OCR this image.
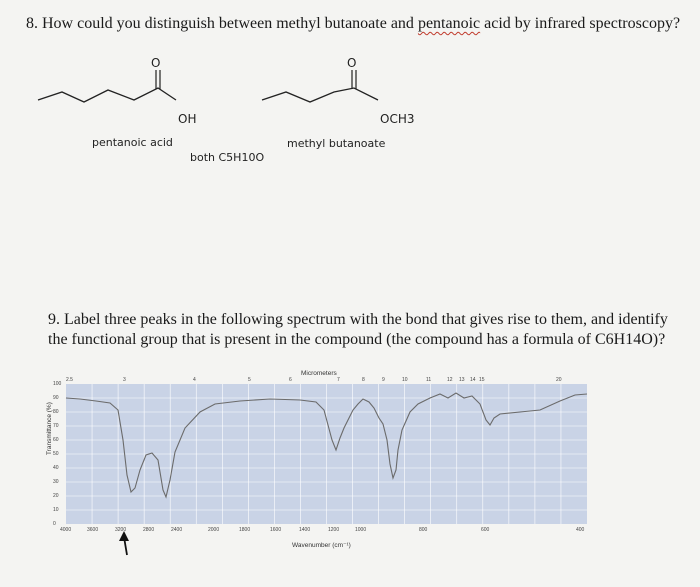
8. How could you distinguish between methyl butanoate and pentanoic acid by infrared spectroscopy?
O
OH
pentanoic acid
O
OCH3
methyl butanoate
both C5H10O
9. Label three peaks in the following spectrum with the bond that gives rise to them, and identify the functional group that is present in the compound (the compound has a formula of C6H14O)?
Micrometers
2.5	3	4	5	6	7	8	9	10	11	12 13 14 15	20
Transmittance (%)
100
90
80
70
60
50
40
30
20
10
0
4000	3600	3200	2800	2400	2000	1800	1600	1400	1200	1000	800	600	400
Wavenumber (cm⁻¹)
